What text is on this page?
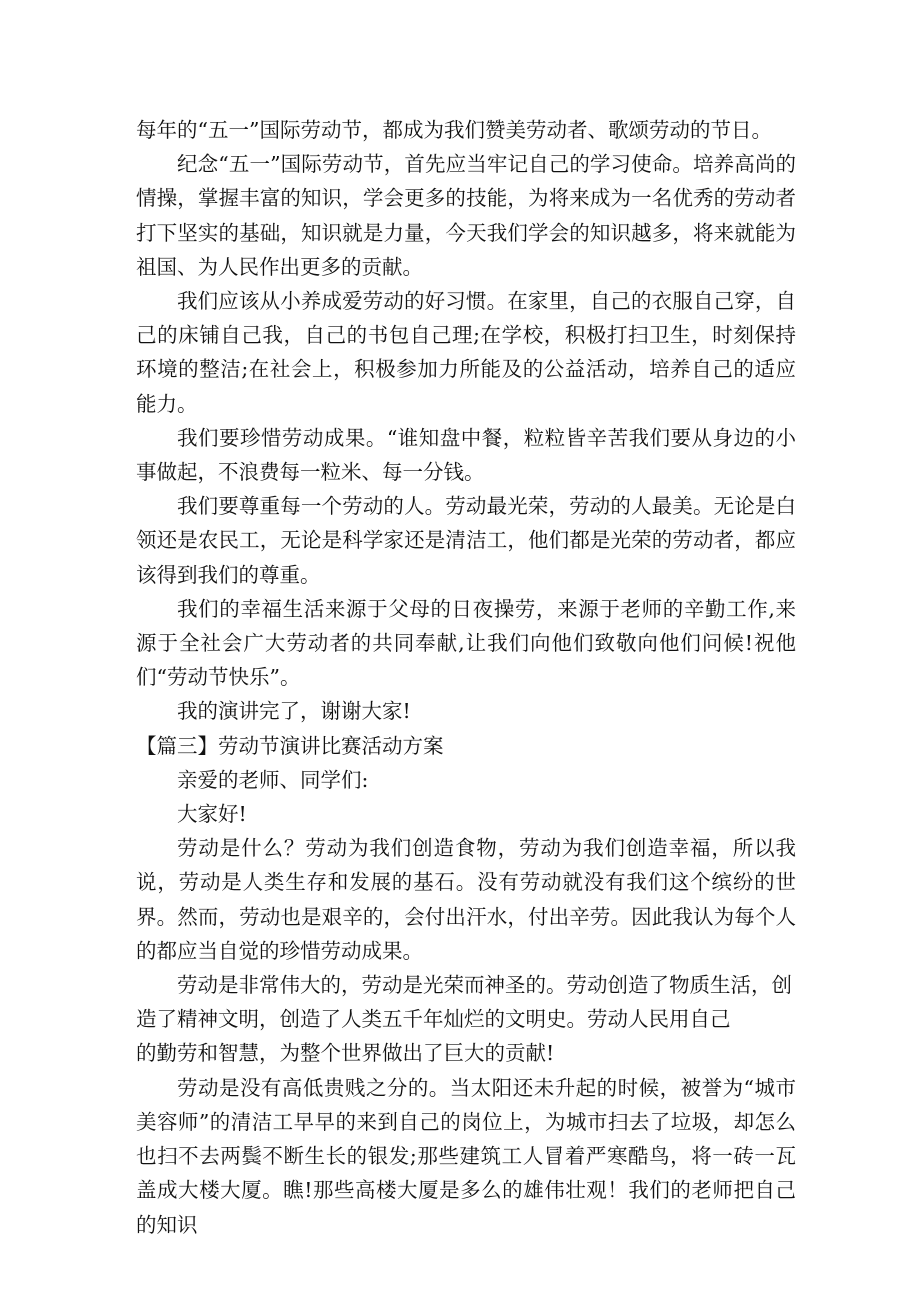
每年的“五一”国际劳动节，都成为我们赞美劳动者、歌颂劳动的节日。

纪念“五一”国际劳动节，首先应当牢记自己的学习使命。培养高尚的情操，掌握丰富的知识，学会更多的技能，为将来成为一名优秀的劳动者打下坚实的基础，知识就是力量，今天我们学会的知识越多，将来就能为祖国、为人民作出更多的贡献。

我们应该从小养成爱劳动的好习惯。在家里，自己的衣服自己穿，自己的床铺自己我，自己的书包自己理;在学校，积极打扫卫生，时刻保持环境的整洁;在社会上，积极参加力所能及的公益活动，培养自己的适应能力。

我们要珍惜劳动成果。“谁知盘中餐，粒粒皆辛苦我们要从身边的小事做起，不浪费每一粒米、每一分钱。

我们要尊重每一个劳动的人。劳动最光荣，劳动的人最美。无论是白领还是农民工，无论是科学家还是清洁工，他们都是光荣的劳动者，都应该得到我们的尊重。

我们的幸福生活来源于父母的日夜操劳，来源于老师的辛勤工作,来源于全社会广大劳动者的共同奉献,让我们向他们致敬向他们问候!祝他们“劳动节快乐”。

我的演讲完了，谢谢大家!

【篇三】劳动节演讲比赛活动方案

亲爱的老师、同学们:

大家好!

劳动是什么？劳动为我们创造食物，劳动为我们创造幸福，所以我说，劳动是人类生存和发展的基石。没有劳动就没有我们这个缤纷的世界。然而，劳动也是艰辛的，会付出汗水，付出辛劳。因此我认为每个人的都应当自觉的珍惜劳动成果。

劳动是非常伟大的，劳动是光荣而神圣的。劳动创造了物质生活，创造了精神文明，创造了人类五千年灿烂的文明史。劳动人民用自己

的勤劳和智慧，为整个世界做出了巨大的贡献!

劳动是没有高低贵贱之分的。当太阳还未升起的时候，被誉为“城市美容师”的清洁工早早的来到自己的岗位上，为城市扫去了垃圾，却怎么也扫不去两鬓不断生长的银发;那些建筑工人冒着严寒酷鸟，将一砖一瓦盖成大楼大厦。瞧!那些高楼大厦是多么的雄伟壮观！我们的老师把自己的知识
